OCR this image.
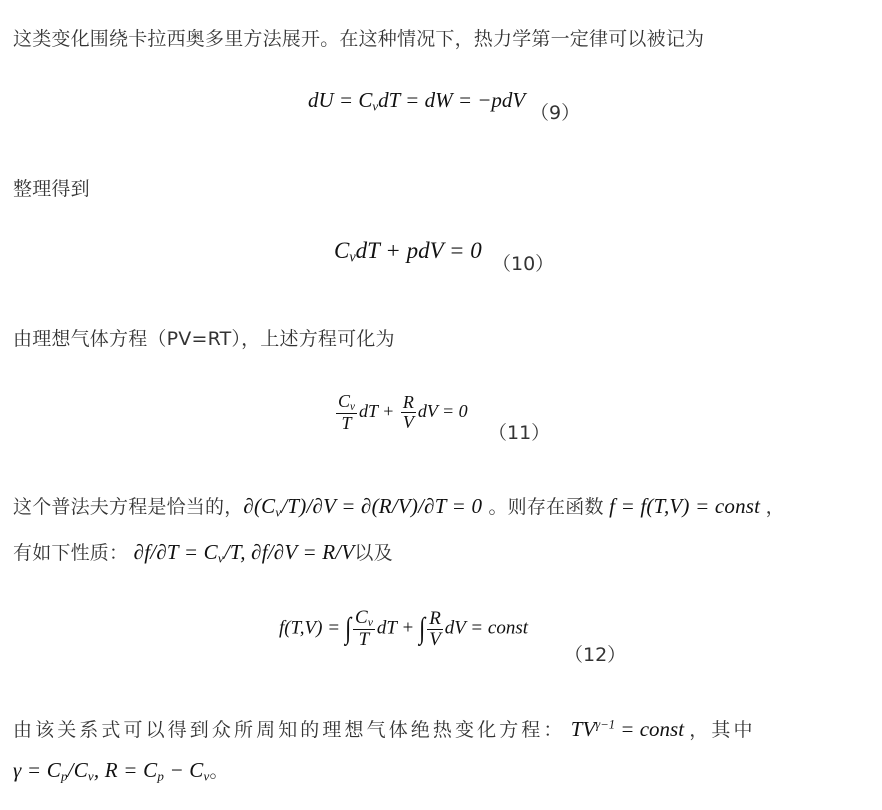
这类变化围绕卡拉西奥多里方法展开。在这种情况下，热力学第一定律可以被记为
dU = $C_vdT$ = dW = −pdV
（9）
整理得到
$C_vdT$ + pdV = 0
（10）
由理想气体方程（PV=RT），上述方程可化为
$\frac{C_v}{T}$ dT + $\frac{R}{V}$ dV = 0
（11）
这个普法夫方程是恰当的，$\partial(C_v/T)/\partial V = \partial(R/V)/\partial T = 0$ 。则存在函数 f = f(T,V) = const ，
有如下性质： $\partial f/\partial T = C_v/T$, ∂f/∂V = R/V以及
f(T,V) = ∫ $\frac{C_v}{T}$ dT + ∫ $\frac{R}{V}$ dV = const
（12）
由该关系式可以得到众所周知的理想气体绝热变化方程： $TV^{\gamma-1}$ = const ，其中
$\gamma = C_p/C_v$, $R = C_p - C_v$。
